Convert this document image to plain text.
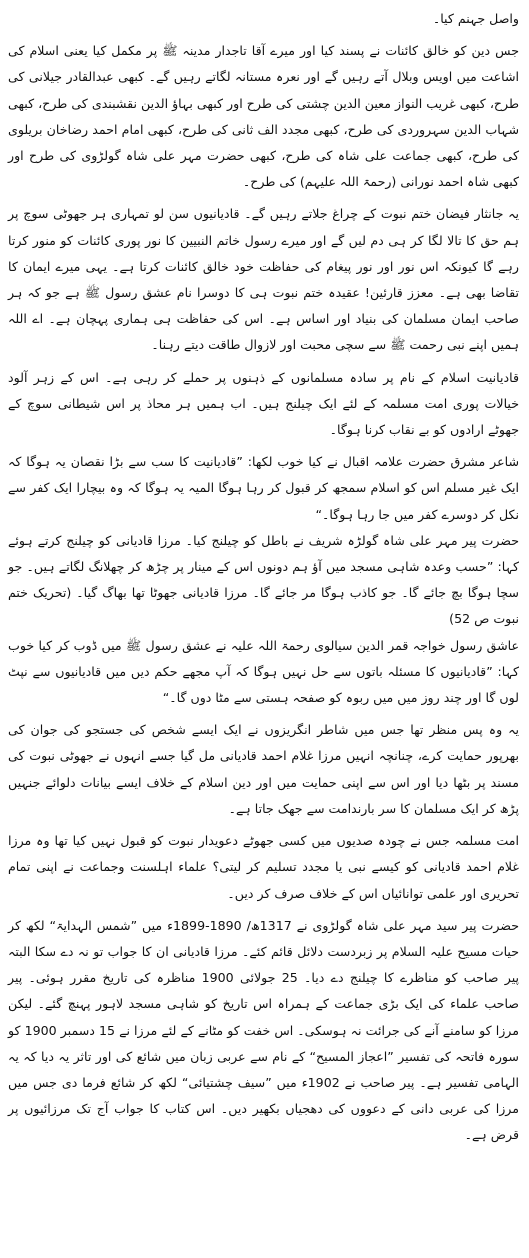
واصل جہنم کیا۔

جس دین کو خالق کائنات نے پسند کیا اور میرے آقا تاجدار مدینہ ﷺ پر مکمل کیا یعنی اسلام کی اشاعت میں اویس وبلال آتے رہیں گے اور نعرہ مستانہ لگاتے رہیں گے۔ کبھی عبدالقادر جیلانی کی طرح، کبھی غریب النواز معین الدین چشتی کی طرح اور کبھی بہاؤ الدین نقشبندی کی طرح، کبھی شہاب الدین سہروردی کی طرح، کبھی مجدد الف ثانی کی طرح، کبھی امام احمد رضاخان بریلوی کی طرح، کبھی جماعت علی شاہ کی طرح، کبھی حضرت مہر علی شاہ گولڑوی کی طرح اور کبھی شاہ احمد نورانی (رحمۃ اللہ علیہم) کی طرح۔

یہ جانثار فیضان ختم نبوت کے چراغ جلاتے رہیں گے۔ قادیانیوں سن لو تمہاری ہر جھوٹی سوچ پر ہم حق کا تالا لگا کر ہی دم لیں گے اور میرے رسول خاتم النبیین کا نور پوری کائنات کو منور کرتا رہے گا کیونکہ اس نور اور نور پیغام کی حفاظت خود خالق کائنات کرتا ہے۔ یہی میرے ایمان کا تقاضا بھی ہے۔ معزز قارئین! عقیدہ ختم نبوت ہی کا دوسرا نام عشق رسول ﷺ ہے جو کہ ہر صاحب ایمان مسلمان کی بنیاد اور اساس ہے۔ اس کی حفاظت ہی ہماری پہچان ہے۔ اے اللہ ہمیں اپنے نبی رحمت ﷺ سے سچی محبت اور لازوال طاقت دیتے رہنا۔

قادیانیت اسلام کے نام پر سادہ مسلمانوں کے ذہنوں پر حملے کر رہی ہے۔ اس کے زہر آلود خیالات پوری امت مسلمہ کے لئے ایک چیلنج ہیں۔ اب ہمیں ہر محاذ پر اس شیطانی سوچ کے جھوٹے ارادوں کو بے نقاب کرنا ہوگا۔

شاعر مشرق حضرت علامہ اقبال نے کیا خوب لکھا: ”قادیانیت کا سب سے بڑا نقصان یہ ہوگا کہ ایک غیر مسلم اس کو اسلام سمجھ کر قبول کر رہا ہوگا المیہ یہ ہوگا کہ وہ بیچارا ایک کفر سے نکل کر دوسرے کفر میں جا رہا ہوگا۔“

حضرت پیر مہر علی شاہ گولڑہ شریف نے باطل کو چیلنج کیا۔ مرزا قادیانی کو چیلنج کرتے ہوئے کہا: ”حسب وعدہ شاہی مسجد میں آؤ ہم دونوں اس کے مینار پر چڑھ کر چھلانگ لگاتے ہیں۔ جو سچا ہوگا بچ جائے گا۔ جو کاذب ہوگا مر جائے گا۔ مرزا قادیانی جھوٹا تھا بھاگ گیا۔ (تحریک ختم نبوت ص 52)

عاشق رسول خواجہ قمر الدین سیالوی رحمۃ اللہ علیہ نے عشق رسول ﷺ میں ڈوب کر کیا خوب کہا: ”قادیانیوں کا مسئلہ باتوں سے حل نہیں ہوگا کہ آپ مجھے حکم دیں میں قادیانیوں سے نپٹ لوں گا اور چند روز میں میں ربوہ کو صفحہ ہستی سے مٹا دوں گا۔“

یہ وہ پس منظر تھا جس میں شاطر انگریزوں نے ایک ایسے شخص کی جستجو کی جوان کی بھرپور حمایت کرے، چنانچہ انہیں مرزا غلام احمد قادیانی مل گیا جسے انہوں نے جھوٹی نبوت کی مسند پر بٹھا دیا اور اس سے اپنی حمایت میں اور دین اسلام کے خلاف ایسے بیانات دلوائے جنہیں پڑھ کر ایک مسلمان کا سر بارندامت سے جھک جاتا ہے۔

امت مسلمہ جس نے چودہ صدیوں میں کسی جھوٹے دعویدار نبوت کو قبول نہیں کیا تھا وہ مرزا غلام احمد قادیانی کو کیسے نبی یا مجدد تسلیم کر لیتی؟ علماء اہلسنت وجماعت نے اپنی تمام تحریری اور علمی توانائیاں اس کے خلاف صرف کر دیں۔

حضرت پیر سید مہر علی شاہ گولڑوی نے 1317ھ/ 1890-1899ء میں ”شمس الہدایۃ“ لکھ کر حیات مسیح علیہ السلام پر زبردست دلائل قائم کئے۔ مرزا قادیانی ان کا جواب تو نہ دے سکا البتہ پیر صاحب کو مناظرے کا چیلنج دے دیا۔ 25 جولائی 1900 مناظرہ کی تاریخ مقرر ہوئی۔ پیر صاحب علماء کی ایک بڑی جماعت کے ہمراہ اس تاریخ کو شاہی مسجد لاہور پہنچ گئے۔ لیکن مرزا کو سامنے آنے کی جرائت نہ ہوسکی۔ اس خفت کو مٹانے کے لئے مرزا نے 15 دسمبر 1900 کو سورہ فاتحہ کی تفسیر ”اعجاز المسیح“ کے نام سے عربی زبان میں شائع کی اور تاثر یہ دیا کہ یہ الہامی تفسیر ہے۔ پیر صاحب نے 1902ء میں ”سیف چشتیائی“ لکھ کر شائع فرما دی جس میں مرزا کی عربی دانی کے دعووں کی دھجیاں بکھیر دیں۔ اس کتاب کا جواب آج تک مرزائیوں پر قرض ہے۔
